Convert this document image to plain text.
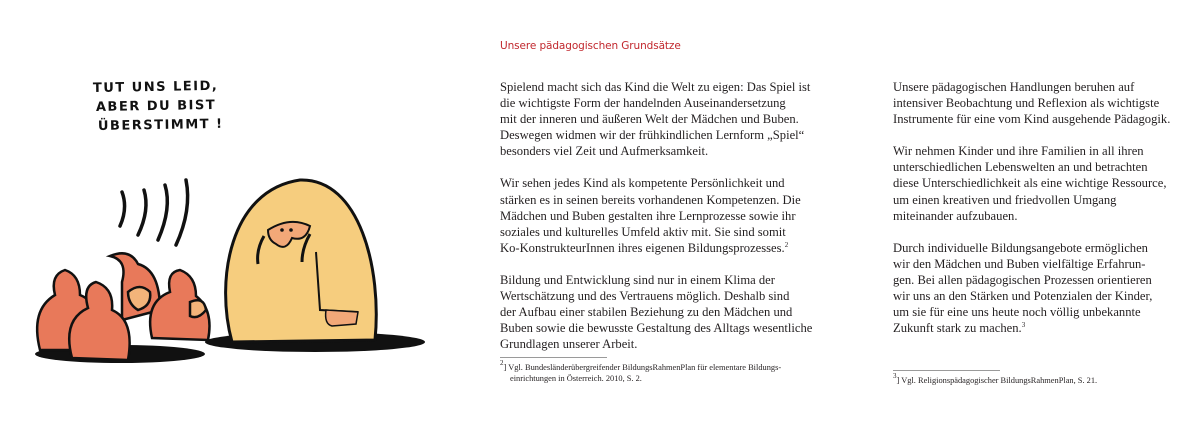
TUT UNS LEID,
ABER DU BIST
ÜBERSTIMMT !
Unsere pädagogischen Grundsätze

Spielend macht sich das Kind die Welt zu eigen: Das Spiel ist
die wichtigste Form der handelnden Auseinandersetzung
mit der inneren und äußeren Welt der Mädchen und Buben.
Deswegen widmen wir der frühkindlichen Lernform „Spiel“
besonders viel Zeit und Aufmerksamkeit.

Wir sehen jedes Kind als kompetente Persönlichkeit und
stärken es in seinen bereits vorhandenen Kompetenzen. Die
Mädchen und Buben gestalten ihre Lernprozesse sowie ihr
soziales und kulturelles Umfeld aktiv mit. Sie sind somit
Ko-KonstrukteurInnen ihres eigenen Bildungsprozesses.$^2$

Bildung und Entwicklung sind nur in einem Klima der
Wertschätzung und des Vertrauens möglich. Deshalb sind
der Aufbau einer stabilen Beziehung zu den Mädchen und
Buben sowie die bewusste Gestaltung des Alltags wesentliche
Grundlagen unserer Arbeit.

$^2$] Vgl. Bundesländerübergreifender BildungsRahmenPlan für elementare Bildungs-
einrichtungen in Österreich. 2010, S. 2.

Unsere pädagogischen Handlungen beruhen auf
intensiver Beobachtung und Reflexion als wichtigste
Instrumente für eine vom Kind ausgehende Pädagogik.

Wir nehmen Kinder und ihre Familien in all ihren
unterschiedlichen Lebenswelten an und betrachten
diese Unterschiedlichkeit als eine wichtige Ressource,
um einen kreativen und friedvollen Umgang
miteinander aufzubauen.

Durch individuelle Bildungsangebote ermöglichen
wir den Mädchen und Buben vielfältige Erfahrun-
gen. Bei allen pädagogischen Prozessen orientieren
wir uns an den Stärken und Potenzialen der Kinder,
um sie für eine uns heute noch völlig unbekannte
Zukunft stark zu machen.$^3$

$^3$] Vgl. Religionspädagogischer BildungsRahmenPlan, S. 21.
